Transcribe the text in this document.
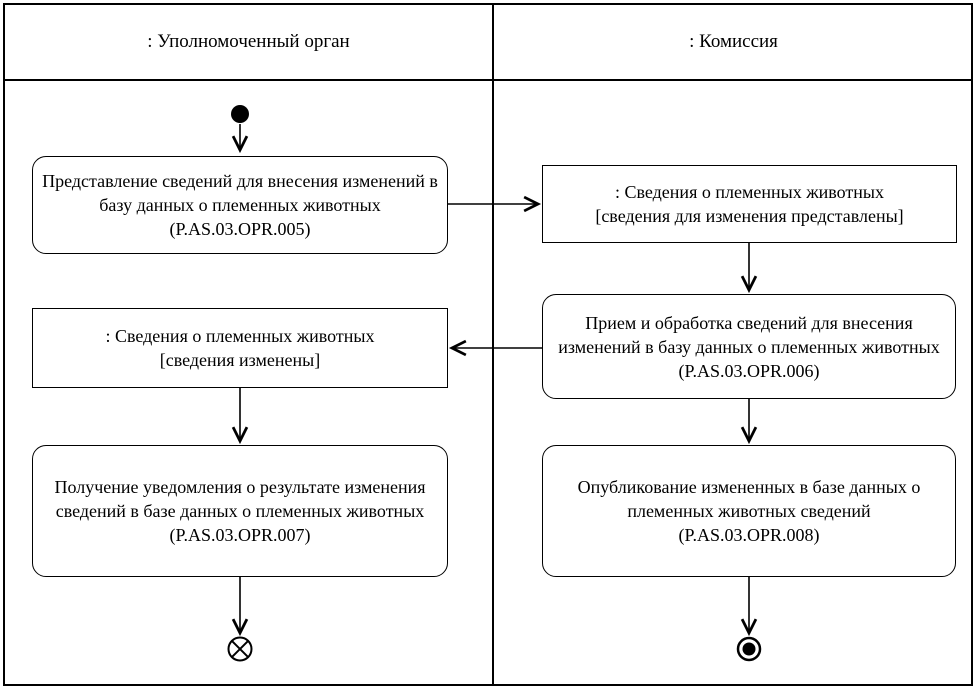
: Уполномоченный орган	: Комиссия
Представление сведений для внесения изменений в базу данных о племенных животных
(P.AS.03.OPR.005)
: Сведения о племенных животных
[сведения для изменения представлены]
Прием и обработка сведений для внесения изменений в базу данных о племенных животных
(P.AS.03.OPR.006)
: Сведения о племенных животных
[сведения изменены]
Получение уведомления о результате изменения сведений в базе данных о племенных животных
(P.AS.03.OPR.007)
Опубликование измененных в базе данных о племенных животных сведений
(P.AS.03.OPR.008)
